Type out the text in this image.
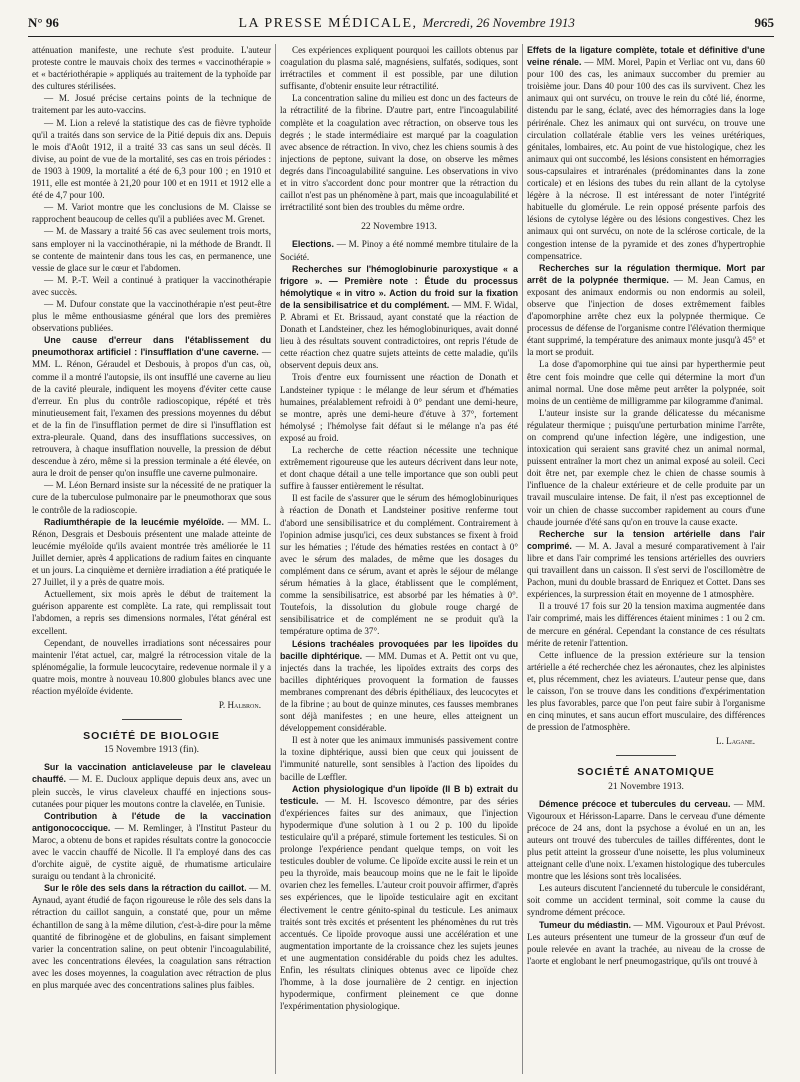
N° 96	LA PRESSE MÉDICALE, Mercredi, 26 Novembre 1913	965

atténuation manifeste, une rechute s'est produite. L'auteur proteste contre le mauvais choix des termes « vaccinothérapie » et « bactériothérapie » appliqués au traitement de la typhoïde par des cultures stérilisées.

— M. Josué précise certains points de la technique de traitement par les auto-vaccins.

— M. Lion a relevé la statistique des cas de fièvre typhoïde qu'il a traités dans son service de la Pitié depuis dix ans. Depuis le mois d'Août 1912, il a traité 33 cas sans un seul décès. Il divise, au point de vue de la mortalité, ses cas en trois périodes : de 1903 à 1909, la mortalité a été de 6,3 pour 100 ; en 1910 et 1911, elle est montée à 21,20 pour 100 et en 1911 et 1912 elle a été de 4,7 pour 100.

— M. Variot montre que les conclusions de M. Claisse se rapprochent beaucoup de celles qu'il a publiées avec M. Grenet.

— M. de Massary a traité 56 cas avec seulement trois morts, sans employer ni la vaccinothérapie, ni la méthode de Brandt. Il se contente de maintenir dans tous les cas, en permanence, une vessie de glace sur le cœur et l'abdomen.

— M. P.-T. Weil a continué à pratiquer la vaccinothérapie avec succès.

— M. Dufour constate que la vaccinothérapie n'est peut-être plus le même enthousiasme général que lors des premières observations publiées.

Une cause d'erreur dans l'établissement du pneumothorax artificiel : l'insufflation d'une caverne. — MM. L. Rénon, Géraudel et Desbouis, à propos d'un cas, où, comme il a montré l'autopsie, ils ont insufflé une caverne au lieu de la cavité pleurale, indiquent les moyens d'éviter cette cause d'erreur. En plus du contrôle radioscopique, répété et très minutieusement fait, l'examen des pressions moyennes du début et de la fin de l'insufflation permet de dire si l'insufflation est extra-pleurale. Quand, dans des insufflations successives, on retrouvera, à chaque insufflation nouvelle, la pression de début descendue à zéro, même si la pression terminale a été élevée, on aura le droit de penser qu'on insuffle une caverne pulmonaire.

— M. Léon Bernard insiste sur la nécessité de ne pratiquer la cure de la tuberculose pulmonaire par le pneumothorax que sous le contrôle de la radioscopie.

Radiumthérapie de la leucémie myéloïde. — MM. L. Rénon, Desgrais et Desbouis présentent une malade atteinte de leucémie myéloïde qu'ils avaient montrée très améliorée le 11 Juillet dernier, après 4 applications de radium faites en cinquante et un jours. La cinquième et dernière irradiation a été pratiquée le 27 Juillet, il y a près de quatre mois.

Actuellement, six mois après le début de traitement la guérison apparente est complète. La rate, qui remplissait tout l'abdomen, a repris ses dimensions normales, l'état général est excellent.

Cependant, de nouvelles irradiations sont nécessaires pour maintenir l'état actuel, car, malgré la rétrocession vitale de la splénomégalie, la formule leucocytaire, redevenue normale il y a quatre mois, montre à nouveau 10.800 globules blancs avec une réaction myéloïde évidente.

P. Halbron.
SOCIÉTÉ DE BIOLOGIE
15 Novembre 1913 (fin).

Sur la vaccination anticlaveleuse par le claveleau chauffé. — M. E. Ducloux applique depuis deux ans, avec un plein succès, le virus claveleux chauffé en injections sous-cutanées pour piquer les moutons contre la clavelée, en Tunisie.

Contribution à l'étude de la vaccination antigonococcique. — M. Remlinger, à l'Institut Pasteur du Maroc, a obtenu de bons et rapides résultats contre la gonococcie avec le vaccin chauffé de Nicolle. Il l'a employé dans des cas d'orchite aiguë, de cystite aiguë, de rhumatisme articulaire suraigu ou tendant à la chronicité.

Sur le rôle des sels dans la rétraction du caillot. — M. Aynaud, ayant étudié de façon rigoureuse le rôle des sels dans la rétraction du caillot sanguin, a constaté que, pour un même échantillon de sang à la même dilution, c'est-à-dire pour la même quantité de fibrinogène et de globulins, en faisant simplement varier la concentration saline, on peut obtenir l'incoagulabilité, avec les concentrations élevées, la coagulation sans rétraction avec les doses moyennes, la coagulation avec rétraction de plus en plus marquée avec des concentrations salines plus faibles.

Ces expériences expliquent pourquoi les caillots obtenus par coagulation du plasma salé, magnésiens, sulfatés, sodiques, sont irrétractiles et comment il est possible, par une dilution suffisante, d'obtenir ensuite leur rétractilité.

La concentration saline du milieu est donc un des facteurs de la rétractilité de la fibrine. D'autre part, entre l'incoagulabilité complète et la coagulation avec rétraction, on observe tous les degrés ; le stade intermédiaire est marqué par la coagulation avec absence de rétraction. In vivo, chez les chiens soumis à des injections de peptone, suivant la dose, on observe les mêmes degrés dans l'incoagulabilité sanguine. Les observations in vivo et in vitro s'accordent donc pour montrer que la rétraction du caillot n'est pas un phénomène à part, mais que incoagulabilité et irrétractilité sont bien des troubles du même ordre.

22 Novembre 1913.

Elections. — M. Pinoy a été nommé membre titulaire de la Société.

Recherches sur l'hémoglobinurie paroxystique « a frigore ». — Première note : Étude du processus hémolytique « in vitro ». Action du froid sur la fixation de la sensibilisatrice et du complément. — MM. F. Widal, P. Abrami et Et. Brissaud, ayant constaté que la réaction de Donath et Landsteiner, chez les hémoglobinuriques, avait donné lieu à des résultats souvent contradictoires, ont repris l'étude de cette réaction chez quatre sujets atteints de cette maladie, qu'ils observent depuis deux ans.

Trois d'entre eux fournissent une réaction de Donath et Landsteiner typique : le mélange de leur sérum et d'hématies humaines, préalablement refroidi à 0° pendant une demi-heure, se montre, après une demi-heure d'étuve à 37°, fortement hémolysé ; l'hémolyse fait défaut si le mélange n'a pas été exposé au froid.

La recherche de cette réaction nécessite une technique extrêmement rigoureuse que les auteurs décrivent dans leur note, et dont chaque détail a une telle importance que son oubli peut suffire à fausser entièrement le résultat.

Il est facile de s'assurer que le sérum des hémoglobinuriques à réaction de Donath et Landsteiner positive renferme tout d'abord une sensibilisatrice et du complément. Contrairement à l'opinion admise jusqu'ici, ces deux substances se fixent à froid sur les hématies ; l'étude des hématies restées en contact à 0° avec le sérum des malades, de même que les dosages du complément dans ce sérum, avant et après le séjour de mélange sérum hématies à la glace, établissent que le complément, comme la sensibilisatrice, est absorbé par les hématies à 0°. Toutefois, la dissolution du globule rouge chargé de sensibilisatrice et de complément ne se produit qu'à la température optima de 37°.

Lésions trachéales provoquées par les lipoïdes du bacille diphtérique. — MM. Dumas et A. Pettit ont vu que, injectés dans la trachée, les lipoïdes extraits des corps des bacilles diphtériques provoquent la formation de fausses membranes comprenant des débris épithéliaux, des leucocytes et de la fibrine ; au bout de quinze minutes, ces fausses membranes sont déjà manifestes ; en une heure, elles atteignent un développement considérable.

Il est à noter que les animaux immunisés passivement contre la toxine diphtérique, aussi bien que ceux qui jouissent de l'immunité naturelle, sont sensibles à l'action des lipoïdes du bacille de Lœffler.

Action physiologique d'un lipoïde (II B b) extrait du testicule. — M. H. Iscovesco démontre, par des séries d'expériences faites sur des animaux, que l'injection hypodermique d'une solution à 1 ou 2 p. 100 du lipoïde testiculaire qu'il a préparé, stimule fortement les testicules. Si on prolonge l'expérience pendant quelque temps, on voit les testicules doubler de volume. Ce lipoïde excite aussi le rein et un peu la thyroïde, mais beaucoup moins que ne le fait le lipoïde ovarien chez les femelles. L'auteur croit pouvoir affirmer, d'après ses expériences, que le lipoïde testiculaire agit en excitant électivement le centre génito-spinal du testicule. Les animaux traités sont très excités et présentent les phénomènes du rut très accentués. Ce lipoïde provoque aussi une accélération et une augmentation importante de la croissance chez les sujets jeunes et une augmentation considérable du poids chez les adultes. Enfin, les résultats cliniques obtenus avec ce lipoïde chez l'homme, à la dose journalière de 2 centigr. en injection hypodermique, confirment pleinement ce que donne l'expérimentation physiologique.

Effets de la ligature complète, totale et définitive d'une veine rénale. — MM. Morel, Papin et Verliac ont vu, dans 60 pour 100 des cas, les animaux succomber du premier au troisième jour. Dans 40 pour 100 des cas ils survivent. Chez les animaux qui ont survécu, on trouve le rein du côté lié, énorme, distendu par le sang, éclaté, avec des hémorragies dans la loge périrénale. Chez les animaux qui ont survécu, on trouve une circulation collatérale établie vers les veines urétériques, génitales, lombaires, etc. Au point de vue histologique, chez les animaux qui ont succombé, les lésions consistent en hémorragies sous-capsulaires et intrarénales (prédominantes dans la zone corticale) et en lésions des tubes du rein allant de la cytolyse légère à la nécrose. Il est intéressant de noter l'intégrité habituelle du glomérule. Le rein opposé présente parfois des lésions de cytolyse légère ou des lésions congestives. Chez les animaux qui ont survécu, on note de la sclérose corticale, de la congestion intense de la pyramide et des zones d'hypertrophie compensatrice.

Recherches sur la régulation thermique. Mort par arrêt de la polypnée thermique. — M. Jean Camus, en exposant des animaux endormis ou non endormis au soleil, observe que l'injection de doses extrêmement faibles d'apomorphine arrête chez eux la polypnée thermique. Ce processus de défense de l'organisme contre l'élévation thermique étant supprimé, la température des animaux monte jusqu'à 45° et la mort se produit.

La dose d'apomorphine qui tue ainsi par hyperthermie peut être cent fois moindre que celle qui détermine la mort d'un animal normal. Une dose même peut arrêter la polypnée, soit moins de un centième de milligramme par kilogramme d'animal.

L'auteur insiste sur la grande délicatesse du mécanisme régulateur thermique ; puisqu'une perturbation minime l'arrête, on comprend qu'une infection légère, une indigestion, une intoxication qui seraient sans gravité chez un animal normal, puissent entraîner la mort chez un animal exposé au soleil. Ceci doit être net, par exemple chez le chien de chasse soumis à l'influence de la chaleur extérieure et de celle produite par un travail musculaire intense. De fait, il n'est pas exceptionnel de voir un chien de chasse succomber rapidement au cours d'une chaude journée d'été sans qu'on en trouve la cause exacte.

Recherche sur la tension artérielle dans l'air comprimé. — M. A. Javal a mesuré comparativement à l'air libre et dans l'air comprimé les tensions artérielles des ouvriers qui travaillent dans un caisson. Il s'est servi de l'oscillomètre de Pachon, muni du double brassard de Enriquez et Cottet. Dans ses expériences, la surpression était en moyenne de 1 atmosphère.

Il a trouvé 17 fois sur 20 la tension maxima augmentée dans l'air comprimé, mais les différences étaient minimes : 1 ou 2 cm. de mercure en général. Cependant la constance de ces résultats mérite de retenir l'attention.

Cette influence de la pression extérieure sur la tension artérielle a été recherchée chez les aéronautes, chez les alpinistes et, plus récemment, chez les aviateurs. L'auteur pense que, dans le caisson, l'on se trouve dans les conditions d'expérimentation les plus favorables, parce que l'on peut faire subir à l'organisme en cinq minutes, et sans aucun effort musculaire, des différences de pression de l'atmosphère.

L. Lagane.
SOCIÉTÉ ANATOMIQUE
21 Novembre 1913.

Démence précoce et tubercules du cerveau. — MM. Vigouroux et Hérisson-Laparre. Dans le cerveau d'une démente précoce de 24 ans, dont la psychose a évolué en un an, les auteurs ont trouvé des tubercules de tailles différentes, dont le plus petit atteint la grosseur d'une noisette, les plus volumineux atteignant celle d'une noix. L'examen histologique des tubercules montre que les lésions sont très localisées.

Les auteurs discutent l'ancienneté du tubercule le considérant, soit comme un accident terminal, soit comme la cause du syndrome dément précoce.

Tumeur du médiastin. — MM. Vigouroux et Paul Prévost. Les auteurs présentent une tumeur de la grosseur d'un œuf de poule relevée en avant la trachée, au niveau de la crosse de l'aorte et englobant le nerf pneumogastrique, qu'ils ont trouvé à
